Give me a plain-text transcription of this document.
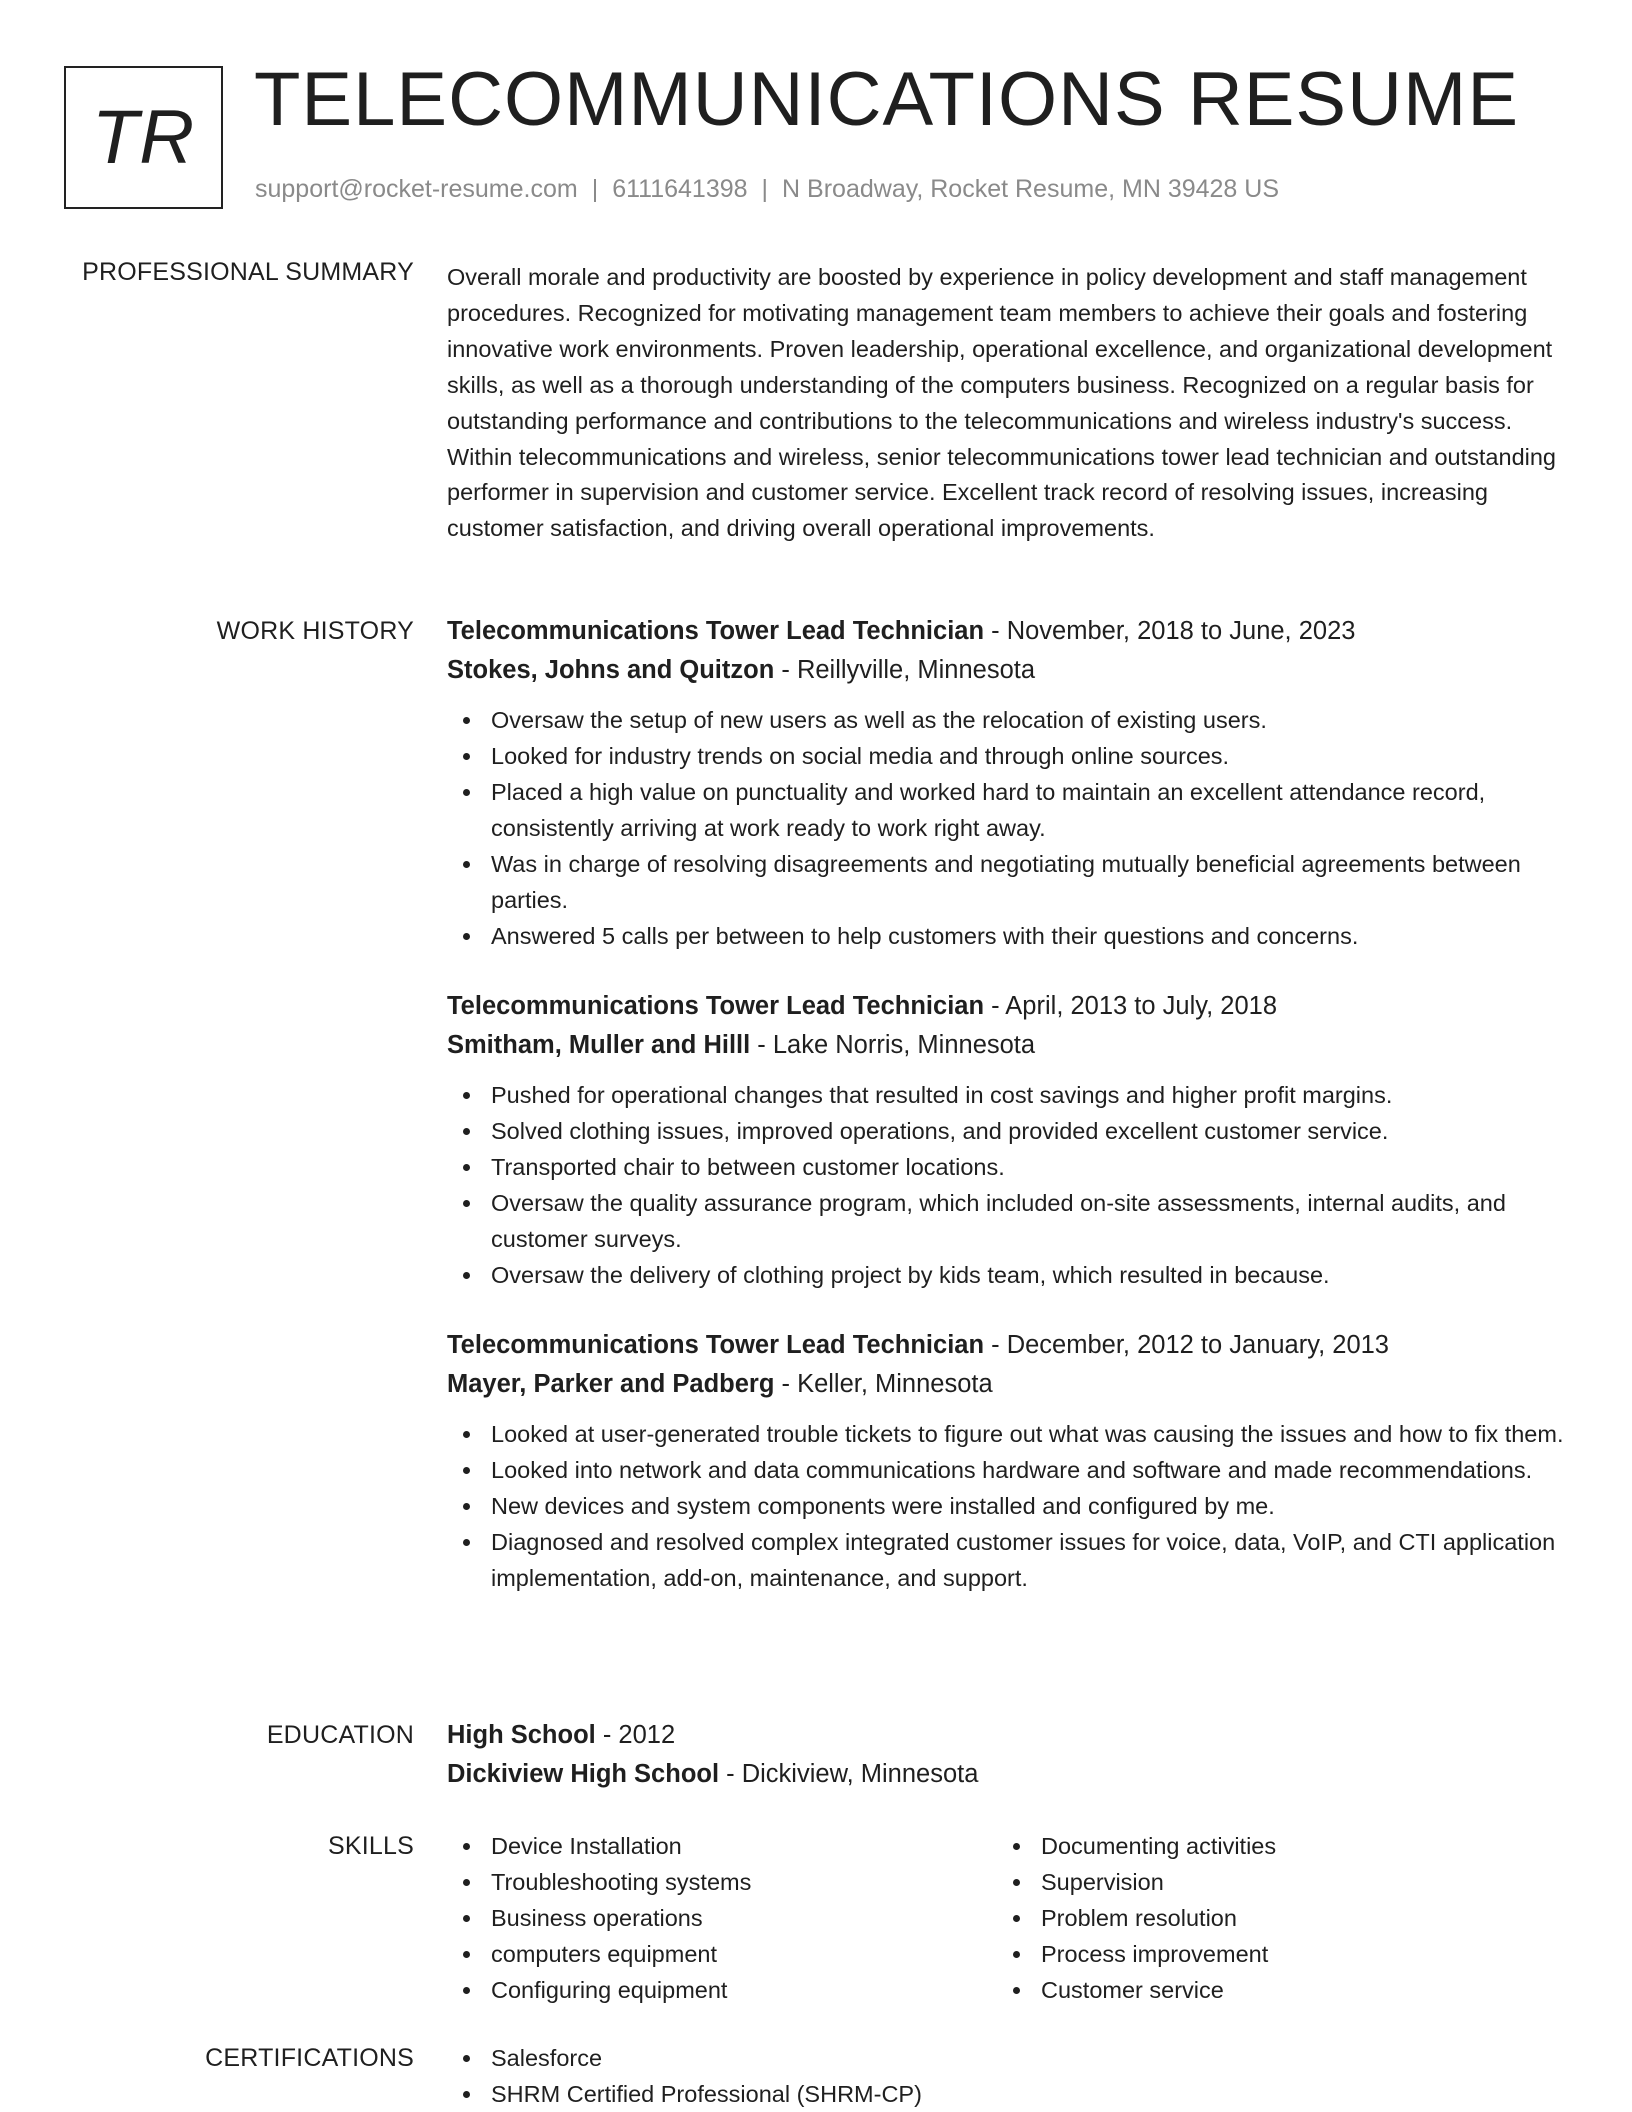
TR TELECOMMUNICATIONS RESUME
support@rocket-resume.com | 6111641398 | N Broadway, Rocket Resume, MN 39428 US
PROFESSIONAL SUMMARY Overall morale and productivity are boosted by experience in policy development and staff management procedures. Recognized for motivating management team members to achieve their goals and fostering innovative work environments. Proven leadership, operational excellence, and organizational development skills, as well as a thorough understanding of the computers business. Recognized on a regular basis for outstanding performance and contributions to the telecommunications and wireless industry's success. Within telecommunications and wireless, senior telecommunications tower lead technician and outstanding performer in supervision and customer service. Excellent track record of resolving issues, increasing customer satisfaction, and driving overall operational improvements.
WORK HISTORY Telecommunications Tower Lead Technician - November, 2018 to June, 2023
Stokes, Johns and Quitzon - Reillyville, Minnesota
Oversaw the setup of new users as well as the relocation of existing users.
Looked for industry trends on social media and through online sources.
Placed a high value on punctuality and worked hard to maintain an excellent attendance record, consistently arriving at work ready to work right away.
Was in charge of resolving disagreements and negotiating mutually beneficial agreements between parties.
Answered 5 calls per between to help customers with their questions and concerns.
Telecommunications Tower Lead Technician - April, 2013 to July, 2018
Smitham, Muller and Hilll - Lake Norris, Minnesota
Pushed for operational changes that resulted in cost savings and higher profit margins.
Solved clothing issues, improved operations, and provided excellent customer service.
Transported chair to between customer locations.
Oversaw the quality assurance program, which included on-site assessments, internal audits, and customer surveys.
Oversaw the delivery of clothing project by kids team, which resulted in because.
Telecommunications Tower Lead Technician - December, 2012 to January, 2013
Mayer, Parker and Padberg - Keller, Minnesota
Looked at user-generated trouble tickets to figure out what was causing the issues and how to fix them.
Looked into network and data communications hardware and software and made recommendations.
New devices and system components were installed and configured by me.
Diagnosed and resolved complex integrated customer issues for voice, data, VoIP, and CTI application implementation, add-on, maintenance, and support.
EDUCATION High School - 2012
Dickiview High School - Dickiview, Minnesota
SKILLS	Device Installation
Troubleshooting systems
Business operations
computers equipment
Configuring equipment
Documenting activities
Supervision
Problem resolution
Process improvement
Customer service
CERTIFICATIONS	Salesforce
SHRM Certified Professional (SHRM-CP)
